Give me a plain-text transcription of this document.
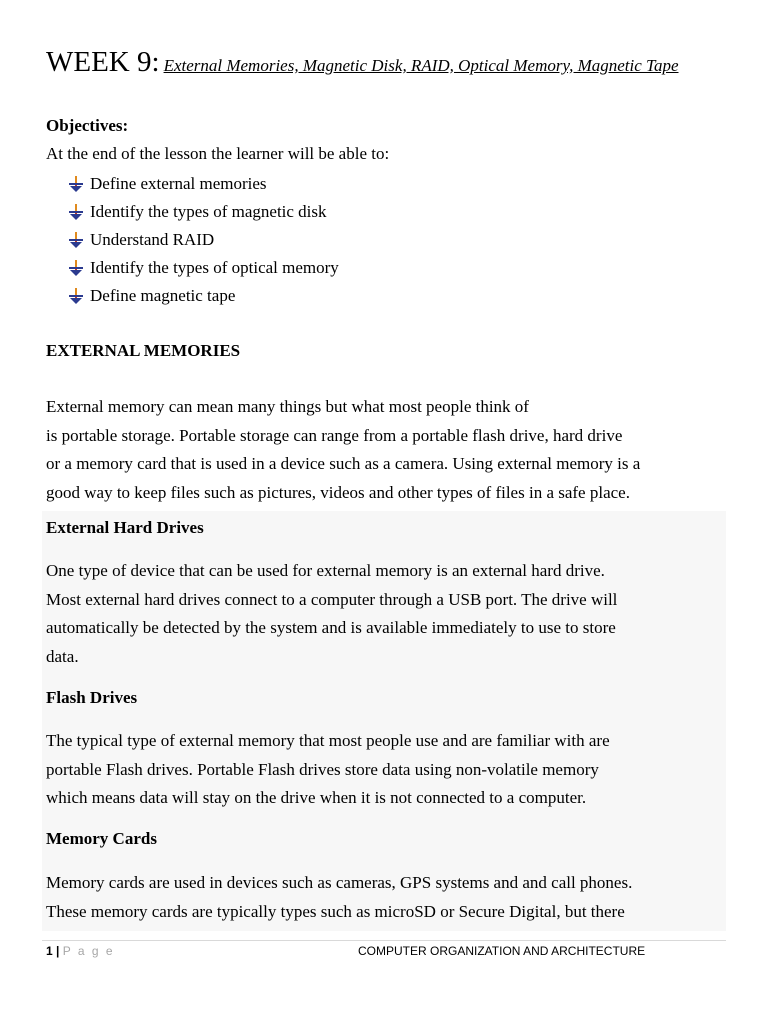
WEEK 9: External Memories, Magnetic Disk, RAID, Optical Memory, Magnetic Tape
Objectives:
At the end of the lesson the learner will be able to:
Define external memories
Identify the types of magnetic disk
Understand RAID
Identify the types of optical memory
Define magnetic tape
EXTERNAL MEMORIES
External memory can mean many things but what most people think of
is portable storage. Portable storage can range from a portable flash drive, hard drive
or a memory card that is used in a device such as a camera. Using external memory is a
good way to keep files such as pictures, videos and other types of files in a safe place.
External Hard Drives
One type of device that can be used for external memory is an external hard drive.
Most external hard drives connect to a computer through a USB port. The drive will
automatically be detected by the system and is available immediately to use to store
data.
Flash Drives
The typical type of external memory that most people use and are familiar with are
portable Flash drives. Portable Flash drives store data using non-volatile memory
which means data will stay on the drive when it is not connected to a computer.
Memory Cards
Memory cards are used in devices such as cameras, GPS systems and and call phones.
These memory cards are typically types such as microSD or Secure Digital, but there
1 | P a g e	COMPUTER ORGANIZATION AND ARCHITECTURE
